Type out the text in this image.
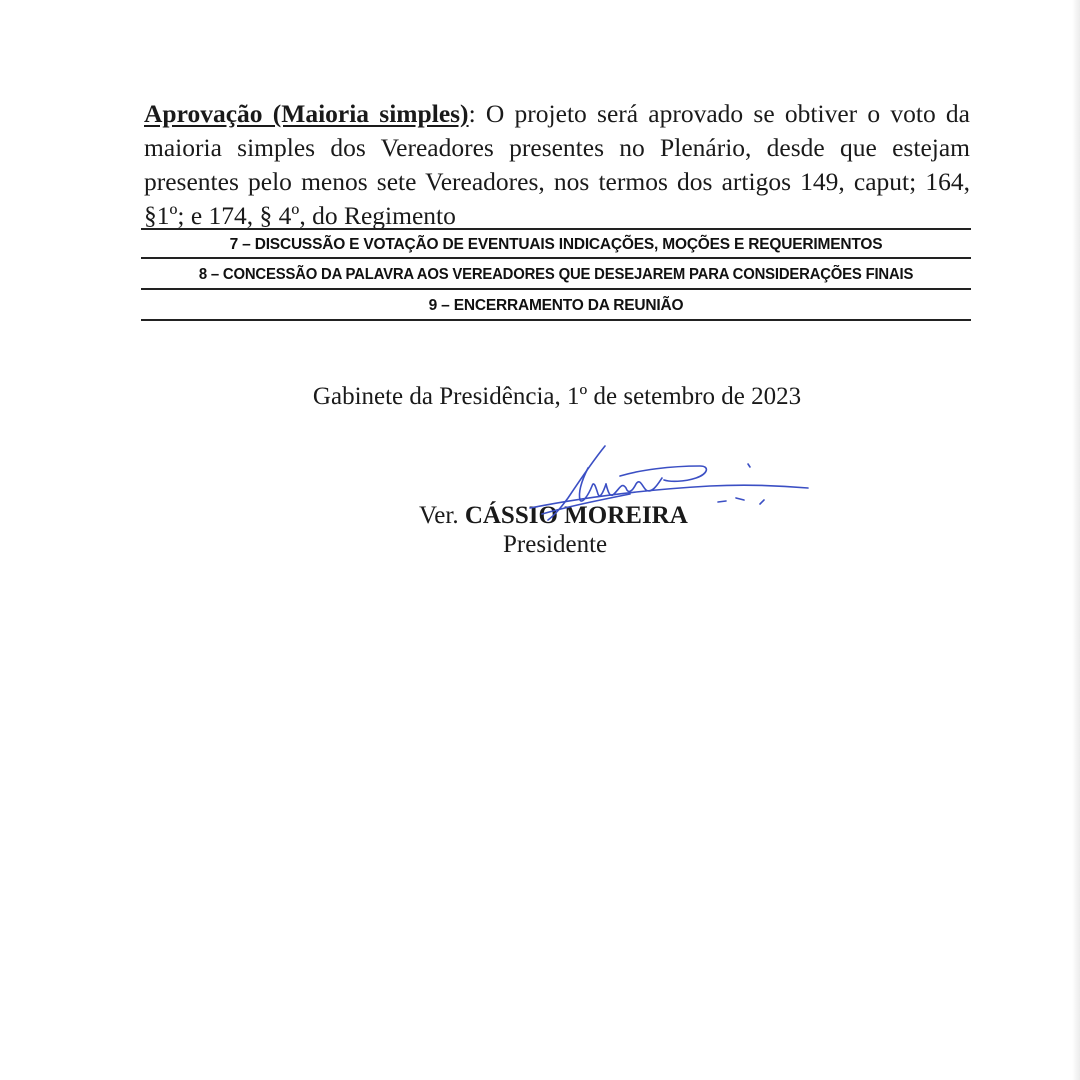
Aprovação (Maioria simples): O projeto será aprovado se obtiver o voto da maioria simples dos Vereadores presentes no Plenário, desde que estejam presentes pelo menos sete Vereadores, nos termos dos artigos 149, caput; 164, §1º; e 174, § 4º, do Regimento

7 – DISCUSSÃO E VOTAÇÃO DE EVENTUAIS INDICAÇÕES, MOÇÕES E REQUERIMENTOS
8 – CONCESSÃO DA PALAVRA AOS VEREADORES QUE DESEJAREM PARA CONSIDERAÇÕES FINAIS
9 – ENCERRAMENTO DA REUNIÃO
Gabinete da Presidência, 1º de setembro de 2023
Ver. CÁSSIO MOREIRA
Presidente
